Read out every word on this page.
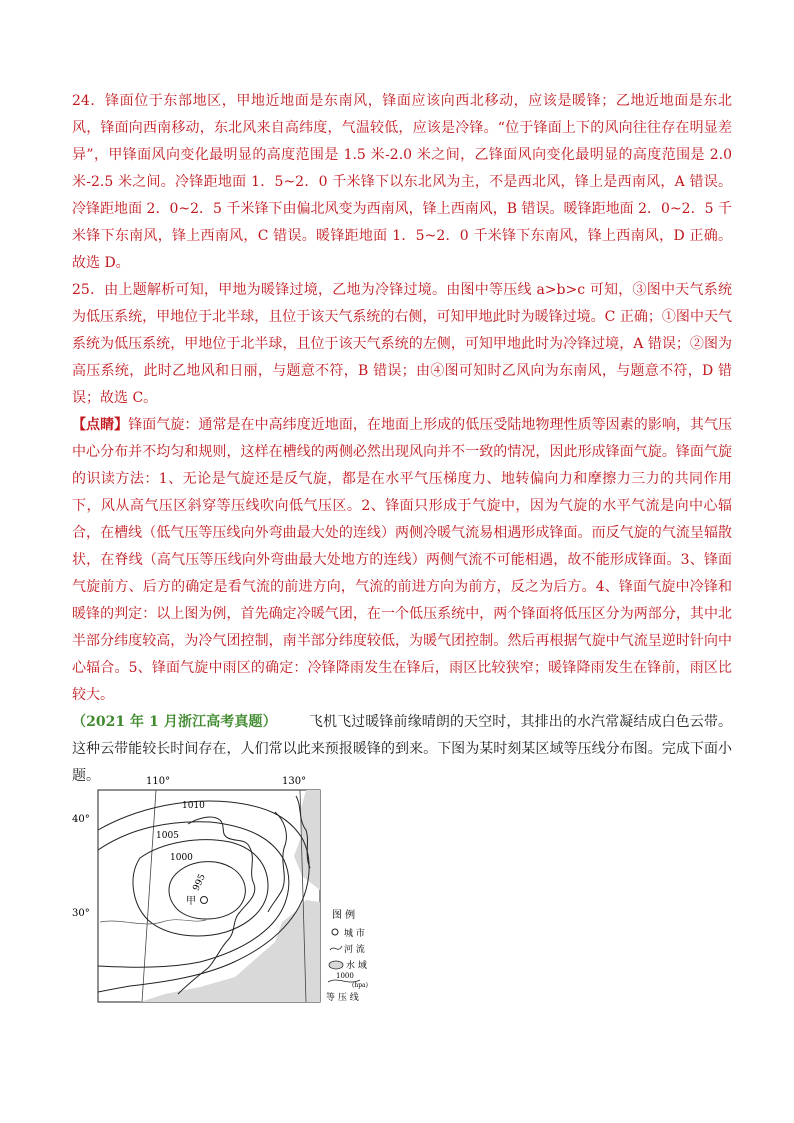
24．锋面位于东部地区，甲地近地面是东南风，锋面应该向西北移动，应该是暖锋；乙地近地面是东北风，锋面向西南移动，东北风来自高纬度，气温较低，应该是冷锋。“位于锋面上下的风向往往存在明显差异”，甲锋面风向变化最明显的高度范围是 1.5 米-2.0 米之间，乙锋面风向变化最明显的高度范围是 2.0 米-2.5 米之间。冷锋距地面 1．5~2．0 千米锋下以东北风为主，不是西北风，锋上是西南风，A 错误。冷锋距地面 2．0~2．5 千米锋下由偏北风变为西南风，锋上西南风，B 错误。暖锋距地面 2．0~2．5 千米锋下东南风，锋上西南风，C 错误。暖锋距地面 1．5~2．0 千米锋下东南风，锋上西南风，D 正确。故选 D。

25．由上题解析可知，甲地为暖锋过境，乙地为冷锋过境。由图中等压线 a>b>c 可知，③图中天气系统为低压系统，甲地位于北半球，且位于该天气系统的右侧，可知甲地此时为暖锋过境。C 正确；①图中天气系统为低压系统，甲地位于北半球，且位于该天气系统的左侧，可知甲地此时为冷锋过境，A 错误；②图为高压系统，此时乙地风和日丽，与题意不符，B 错误；由④图可知时乙风向为东南风，与题意不符，D 错误；故选 C。

【点睛】锋面气旋：通常是在中高纬度近地面，在地面上形成的低压受陆地物理性质等因素的影响，其气压中心分布并不均匀和规则，这样在槽线的两侧必然出现风向并不一致的情况，因此形成锋面气旋。锋面气旋的识读方法：1、无论是气旋还是反气旋，都是在水平气压梯度力、地转偏向力和摩擦力三力的共同作用下，风从高气压区斜穿等压线吹向低气压区。2、锋面只形成于气旋中，因为气旋的水平气流是向中心辐合，在槽线（低气压等压线向外弯曲最大处的连线）两侧冷暖气流易相遇形成锋面。而反气旋的气流呈辐散状，在脊线（高气压等压线向外弯曲最大处地方的连线）两侧气流不可能相遇，故不能形成锋面。3、锋面气旋前方、后方的确定是看气流的前进方向，气流的前进方向为前方，反之为后方。4、锋面气旋中冷锋和暖锋的判定：以上图为例，首先确定冷暖气团，在一个低压系统中，两个锋面将低压区分为两部分，其中北半部分纬度较高，为冷气团控制，南半部分纬度较低，为暖气团控制。然后再根据气旋中气流呈逆时针向中心辐合。5、锋面气旋中雨区的确定：冷锋降雨发生在锋后，雨区比较狭窄；暖锋降雨发生在锋前，雨区比较大。

（2021 年 1 月浙江高考真题） 飞机飞过暖锋前缘晴朗的天空时，其排出的水汽常凝结成白色云带。这种云带能较长时间存在，人们常以此来预报暖锋的到来。下图为某时刻某区域等压线分布图。完成下面小题。

1010
1005
1000
995
甲
110°	130°
40°
30°	图 例
城 市
河 流
水 域
1000
(hpa)
等 压 线
